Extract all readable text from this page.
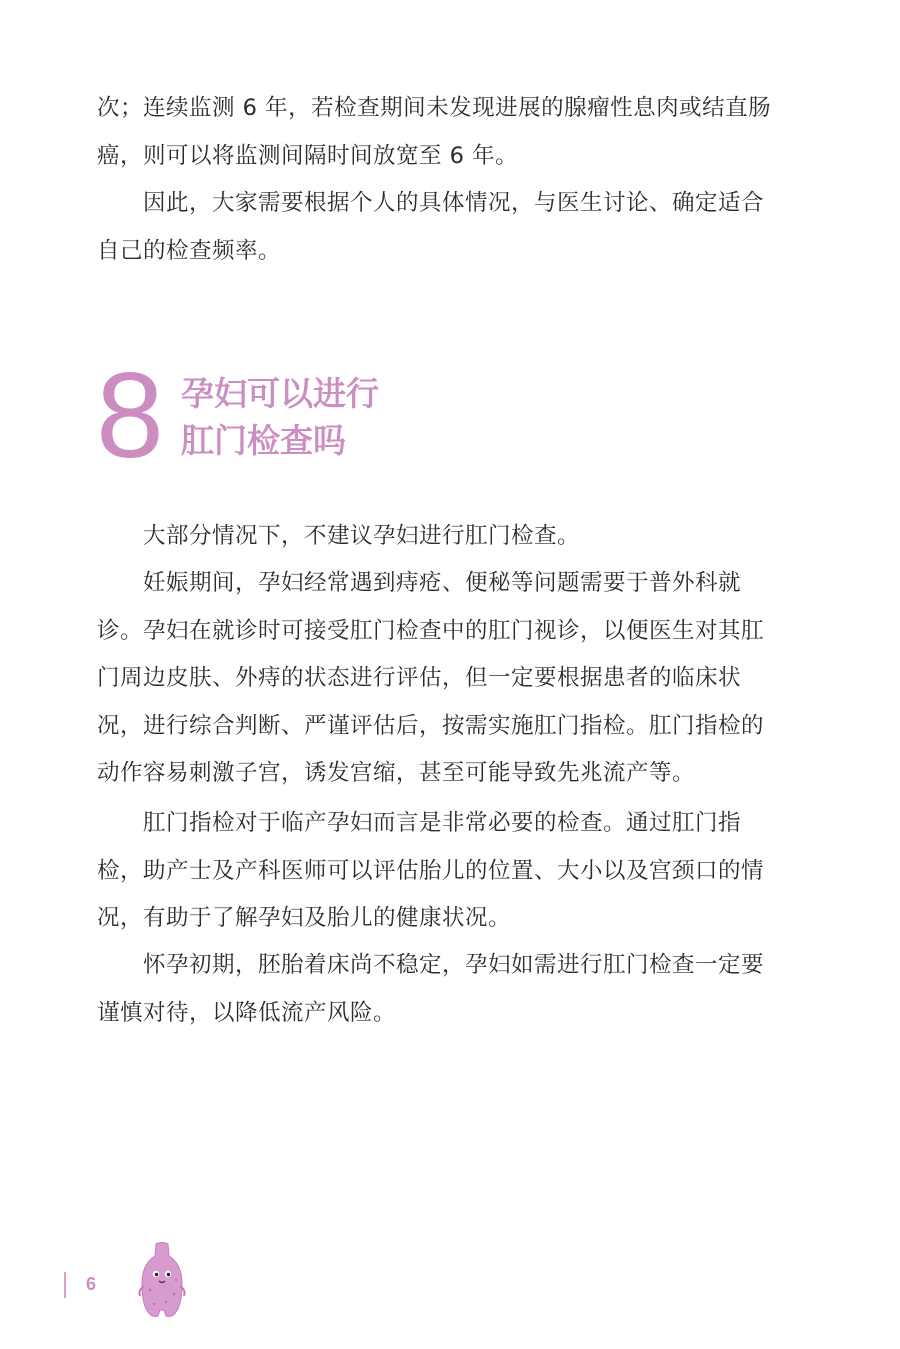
次；连续监测 6 年，若检查期间未发现进展的腺瘤性息肉或结直肠癌，则可以将监测间隔时间放宽至 6 年。

因此，大家需要根据个人的具体情况，与医生讨论、确定适合自己的检查频率。

8 孕妇可以进行
肛门检查吗

大部分情况下，不建议孕妇进行肛门检查。

妊娠期间，孕妇经常遇到痔疮、便秘等问题需要于普外科就诊。孕妇在就诊时可接受肛门检查中的肛门视诊，以便医生对其肛门周边皮肤、外痔的状态进行评估，但一定要根据患者的临床状况，进行综合判断、严谨评估后，按需实施肛门指检。肛门指检的动作容易刺激子宫，诱发宫缩，甚至可能导致先兆流产等。

肛门指检对于临产孕妇而言是非常必要的检查。通过肛门指检，助产士及产科医师可以评估胎儿的位置、大小以及宫颈口的情况，有助于了解孕妇及胎儿的健康状况。

怀孕初期，胚胎着床尚不稳定，孕妇如需进行肛门检查一定要谨慎对待，以降低流产风险。

6
